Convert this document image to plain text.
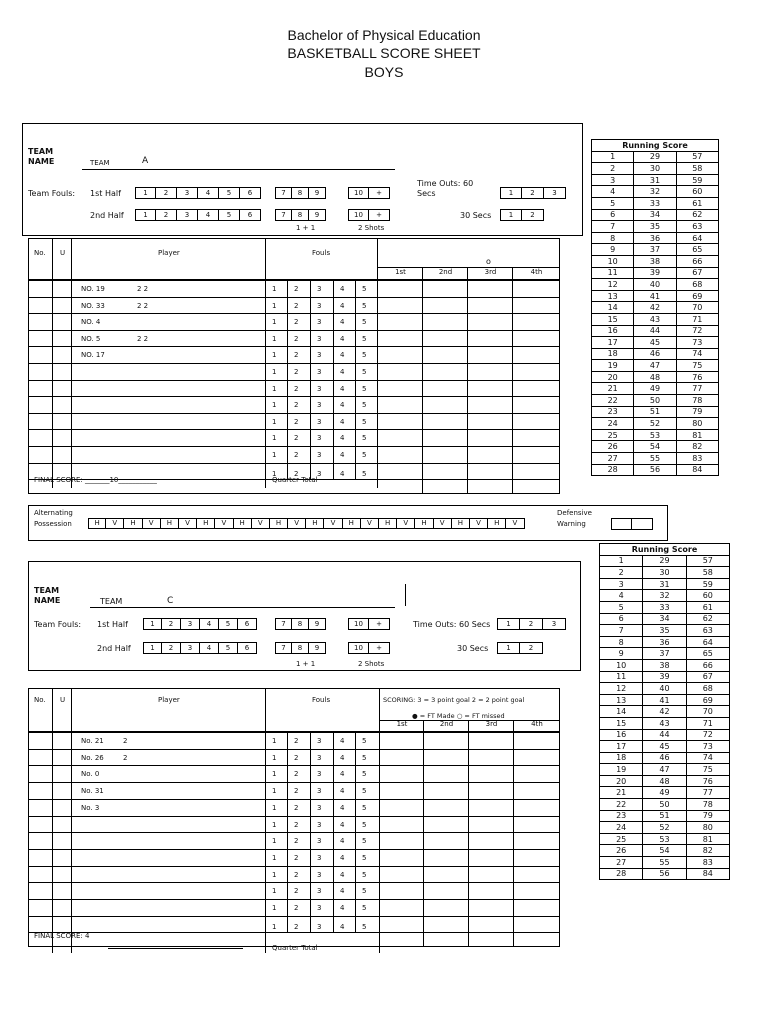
Bachelor of Physical Education
BASKETBALL SCORE SHEET
BOYS
TEAM
NAME	TEAM	A
Team Fouls: 1st Half	1	2	3	4	5	6	7	8	9	10	+
Time Outs: 60
Secs	1	2	3
2nd Half	1	2	3	4	5	6	7	8	9	10	+	30 Secs	1	2
1 + 1	2 Shots
No. U	Player	Fouls
o
1st	2nd	3rd	4th
NO. 19	2 2	1	2	3	4	5
NO. 33	2 2	1	2	3	4	5
NO. 4	1	2	3	4	5
NO. 5	2 2	1	2	3	4	5
NO. 17	1	2	3	4	5
1	2	3	4	5
1	2	3	4	5
1	2	3	4	5
1	2	3	4	5
1	2	3	4	5
1	2	3	4	5
1	2	3	4	5
FINAL SCORE: _______10___________	Quarter Total
Alternating
Possession	H	V	H	V	H	V	H	V	H	V	H	V	H	V	H	V	H	V	H	V	H	V	H	V
Defensive
Warning
TEAM
NAME	TEAM	C
Team Fouls: 1st Half	1	2	3	4	5	6	7	8	9	10	+	Time Outs: 60 Secs	1	2	3
2nd Half	1	2	3	4	5	6	7	8	9	10	+	30 Secs	1	2
1 + 1	2 Shots
No. U	Player	Fouls	SCORING: 3 = 3 point goal 2 = 2 point goal
● = FT Made ○ = FT missed
1st	2nd	3rd	4th
No. 21	2	1	2	3	4	5
No. 26	2	1	2	3	4	5
No. 0	1	2	3	4	5
No. 31	1	2	3	4	5
No. 3	1	2	3	4	5
1	2	3	4	5
1	2	3	4	5
1	2	3	4	5
1	2	3	4	5
1	2	3	4	5
1	2	3	4	5
1	2	3	4	5
FINAL SCORE: 4
Quarter Total
Running Score		
1	29	57
2	30	58
3	31	59
4	32	60
5	33	61
6	34	62
7	35	63
8	36	64
9	37	65
10	38	66
11	39	67
12	40	68
13	41	69
14	42	70
15	43	71
16	44	72
17	45	73
18	46	74
19	47	75
20	48	76
21	49	77
22	50	78
23	51	79
24	52	80
25	53	81
26	54	82
27	55	83
28	56	84
Running Score		
1	29	57
2	30	58
3	31	59
4	32	60
5	33	61
6	34	62
7	35	63
8	36	64
9	37	65
10	38	66
11	39	67
12	40	68
13	41	69
14	42	70
15	43	71
16	44	72
17	45	73
18	46	74
19	47	75
20	48	76
21	49	77
22	50	78
23	51	79
24	52	80
25	53	81
26	54	82
27	55	83
28	56	84
